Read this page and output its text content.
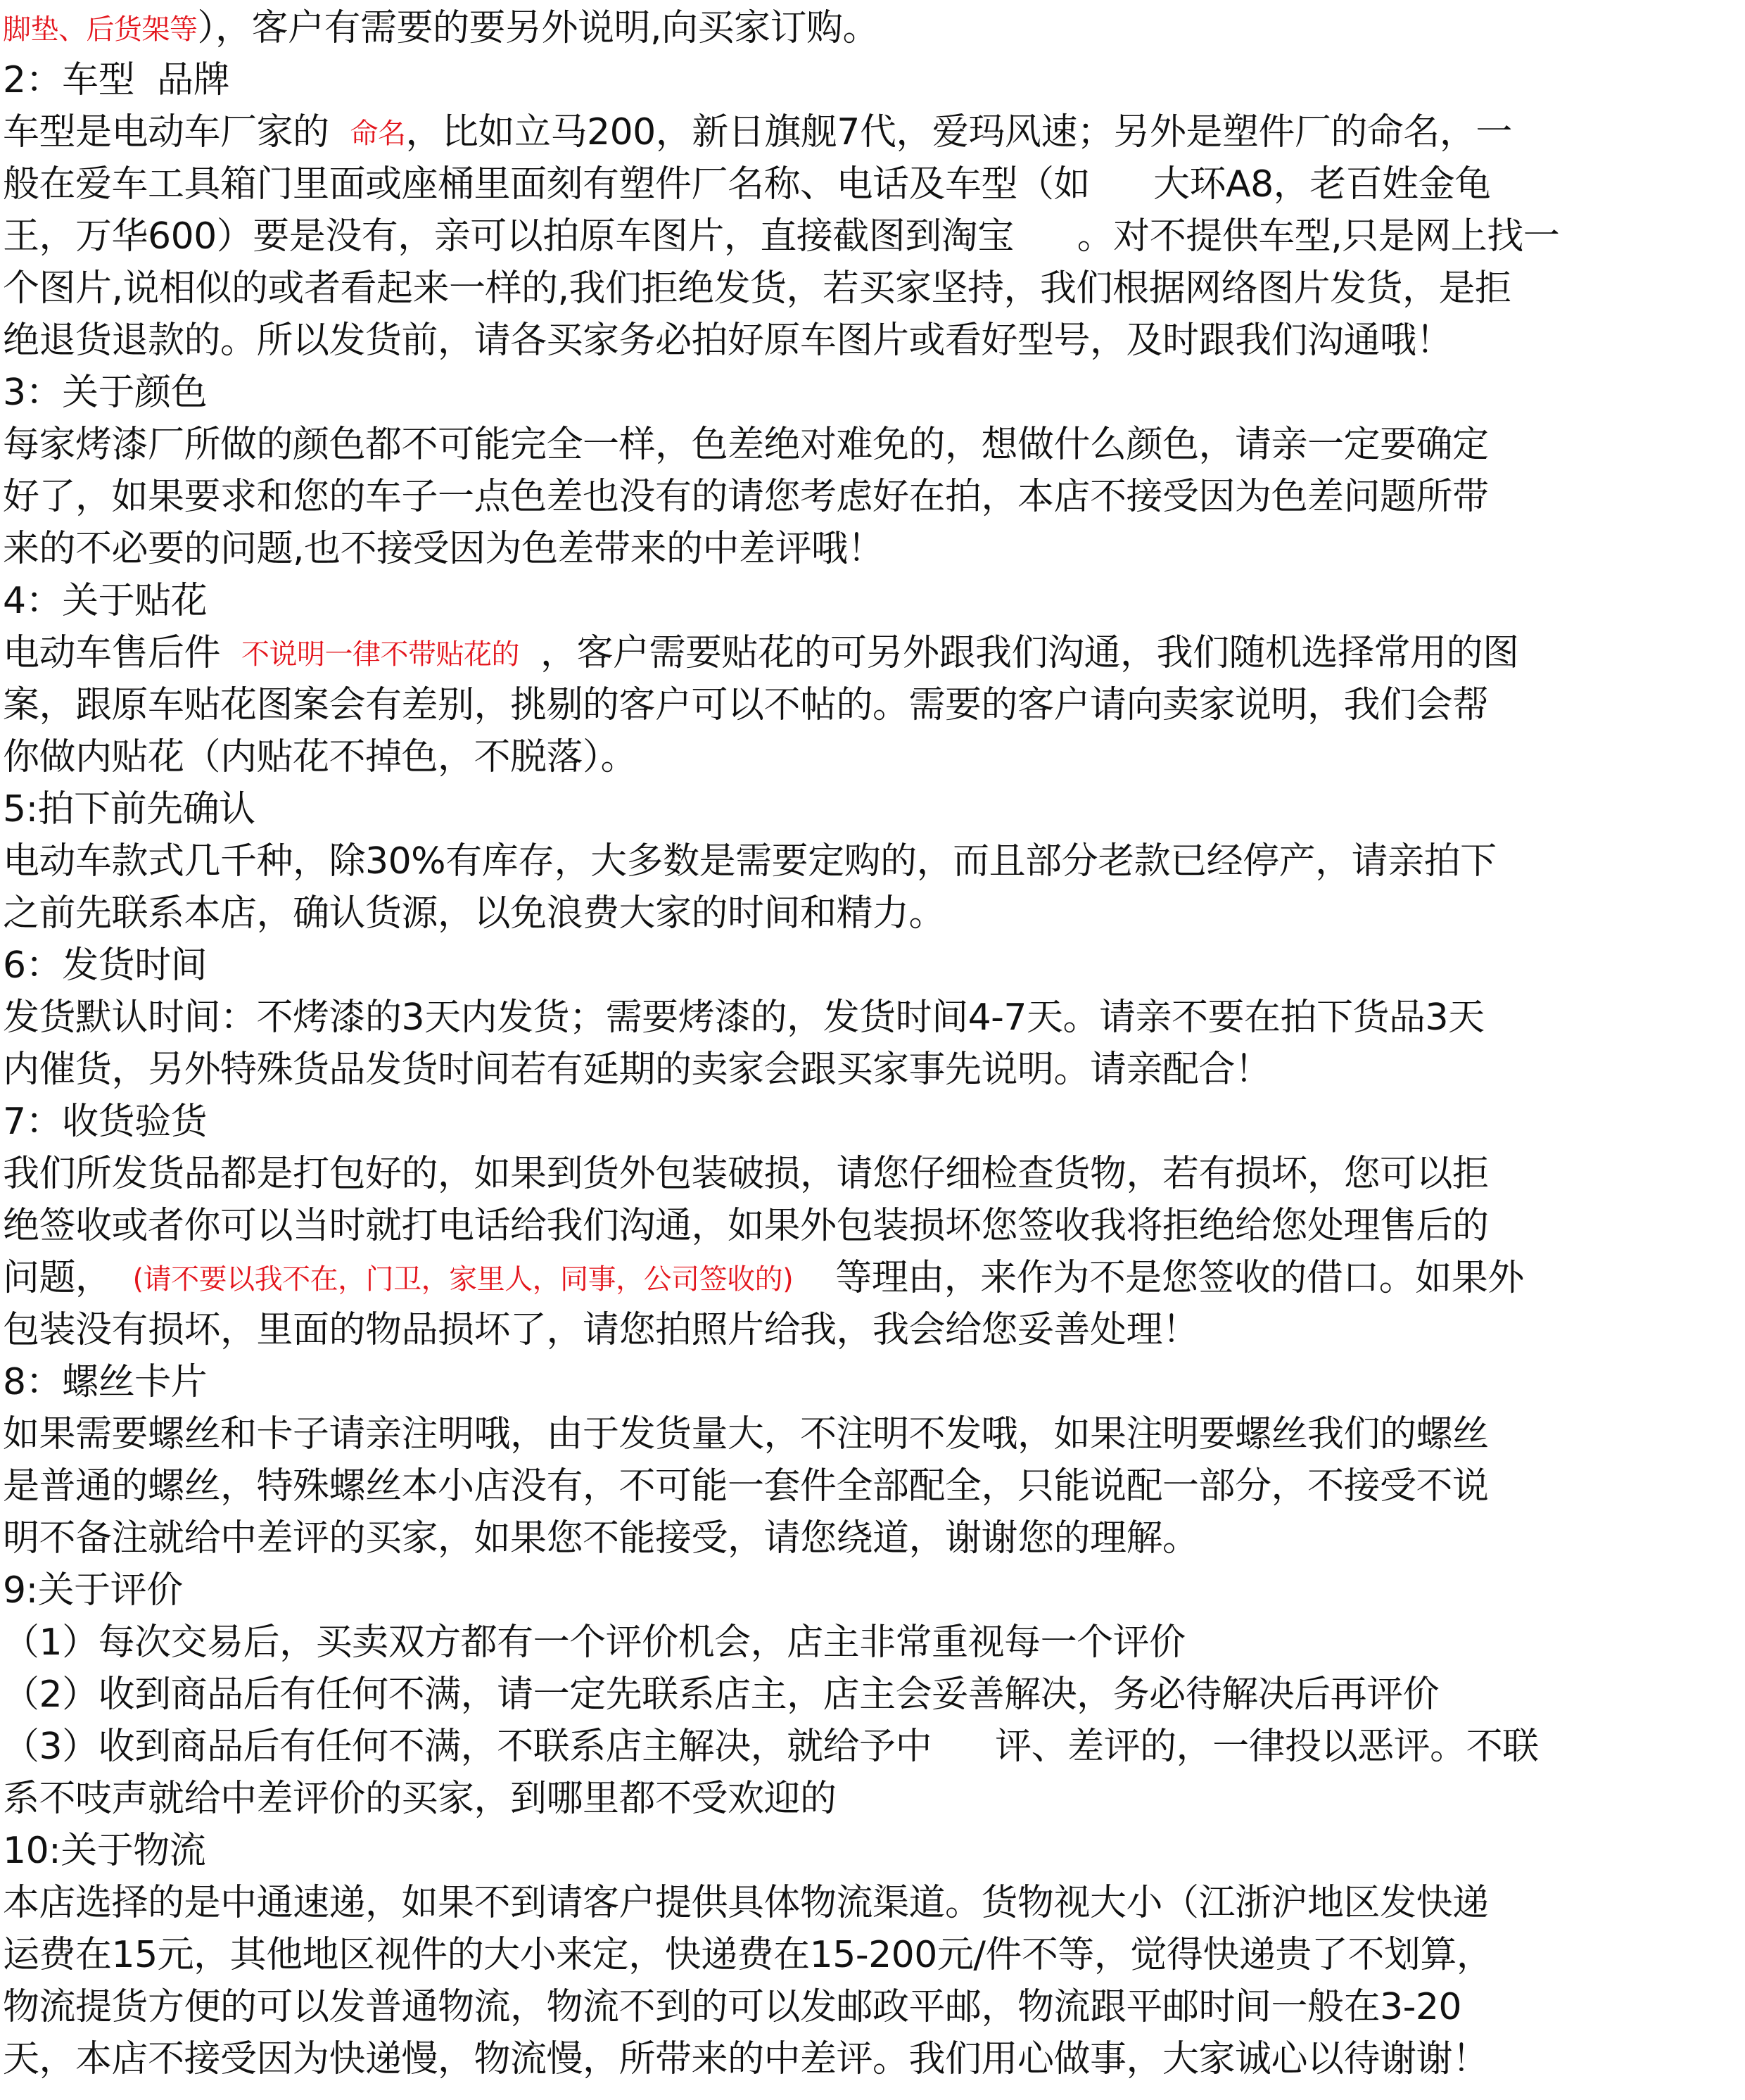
脚垫、后货架等），客户有需要的要另外说明,向买家订购。
2：车型  品牌
车型是电动车厂家的 命名，比如立马200，新日旗舰7代，爱玛风速；另外是塑件厂的命名，一
般在爱车工具箱门里面或座桶里面刻有塑件厂名称、电话及车型（如 大环A8，老百姓金龟
王，万华600）要是没有，亲可以拍原车图片，直接截图到淘宝 。对不提供车型,只是网上找一
个图片,说相似的或者看起来一样的,我们拒绝发货，若买家坚持，我们根据网络图片发货，是拒
绝退货退款的。所以发货前，请各买家务必拍好原车图片或看好型号，及时跟我们沟通哦！
3：关于颜色
每家烤漆厂所做的颜色都不可能完全一样，色差绝对难免的，想做什么颜色，请亲一定要确定
好了，如果要求和您的车子一点色差也没有的请您考虑好在拍，本店不接受因为色差问题所带
来的不必要的问题,也不接受因为色差带来的中差评哦！
4：关于贴花
电动车售后件 不说明一律不带贴花的 ，客户需要贴花的可另外跟我们沟通，我们随机选择常用的图
案，跟原车贴花图案会有差别，挑剔的客户可以不帖的。需要的客户请向卖家说明，我们会帮
你做内贴花（内贴花不掉色，不脱落）。
5:拍下前先确认
电动车款式几千种，除30%有库存，大多数是需要定购的，而且部分老款已经停产，请亲拍下
之前先联系本店，确认货源，以免浪费大家的时间和精力。
6：发货时间
发货默认时间：不烤漆的3天内发货；需要烤漆的，发货时间4-7天。请亲不要在拍下货品3天
内催货，另外特殊货品发货时间若有延期的卖家会跟买家事先说明。请亲配合！
7：收货验货
我们所发货品都是打包好的，如果到货外包装破损，请您仔细检查货物，若有损坏，您可以拒
绝签收或者你可以当时就打电话给我们沟通，如果外包装损坏您签收我将拒绝给您处理售后的
问题， (请不要以我不在，门卫，家里人，同事，公司签收的) 等理由，来作为不是您签收的借口。如果外
包装没有损坏，里面的物品损坏了，请您拍照片给我，我会给您妥善处理！
8：螺丝卡片
如果需要螺丝和卡子请亲注明哦，由于发货量大，不注明不发哦，如果注明要螺丝我们的螺丝
是普通的螺丝，特殊螺丝本小店没有，不可能一套件全部配全，只能说配一部分，不接受不说
明不备注就给中差评的买家，如果您不能接受，请您绕道，谢谢您的理解。
9:关于评价
（1）每次交易后，买卖双方都有一个评价机会，店主非常重视每一个评价
（2）收到商品后有任何不满，请一定先联系店主，店主会妥善解决，务必待解决后再评价
（3）收到商品后有任何不满，不联系店主解决，就给予中 评、差评的，一律投以恶评。不联
系不吱声就给中差评价的买家，到哪里都不受欢迎的
10:关于物流
本店选择的是中通速递，如果不到请客户提供具体物流渠道。货物视大小（江浙沪地区发快递
运费在15元，其他地区视件的大小来定，快递费在15-200元/件不等，觉得快递贵了不划算，
物流提货方便的可以发普通物流，物流不到的可以发邮政平邮，物流跟平邮时间一般在3-20
天，本店不接受因为快递慢，物流慢，所带来的中差评。我们用心做事，大家诚心以待谢谢！
